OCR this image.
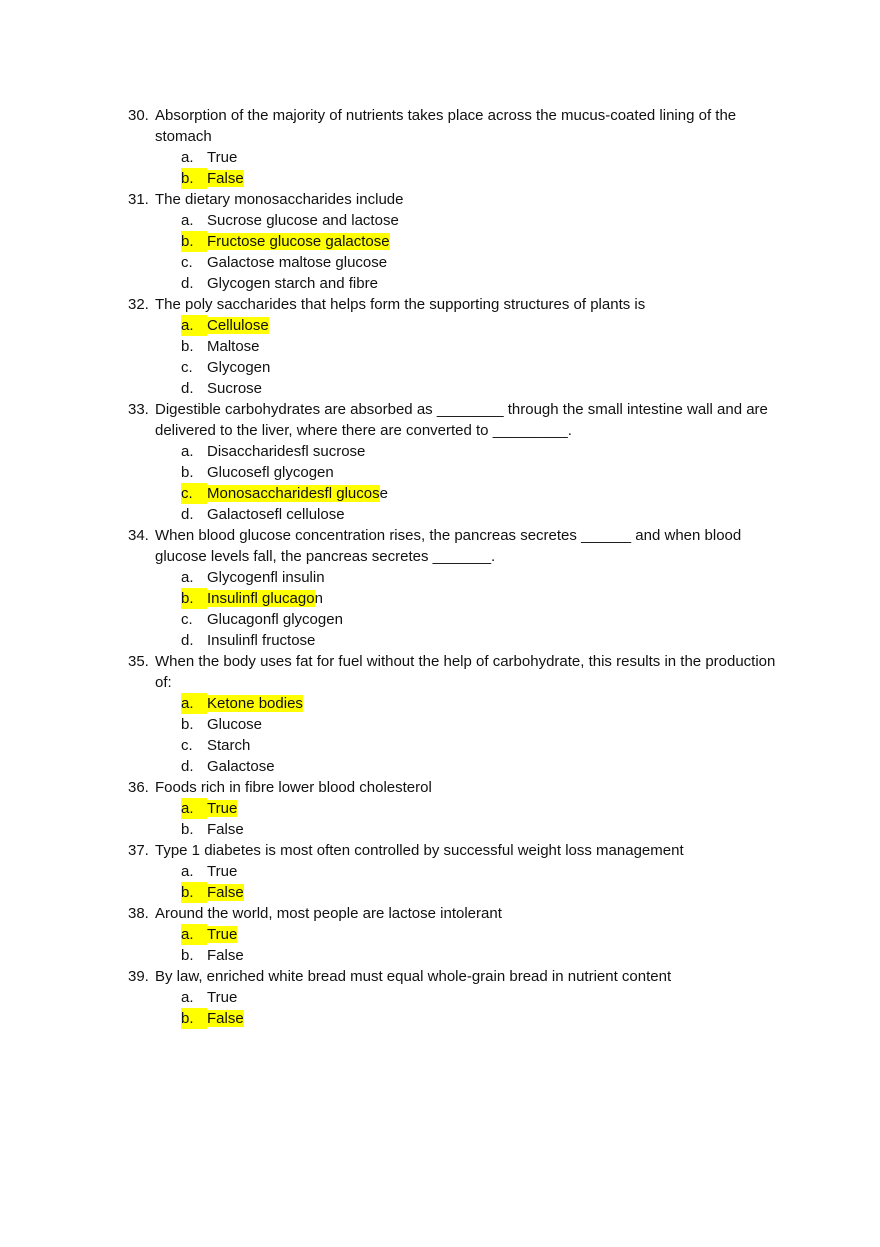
30. Absorption of the majority of nutrients takes place across the mucus-coated lining of the stomach
a. True
b. False
31. The dietary monosaccharides include
a. Sucrose glucose and lactose
b. Fructose glucose galactose
c. Galactose maltose glucose
d. Glycogen starch and fibre
32. The poly saccharides that helps form the supporting structures of plants is
a. Cellulose
b. Maltose
c. Glycogen
d. Sucrose
33. Digestible carbohydrates are absorbed as ________ through the small intestine wall and are delivered to the liver, where there are converted to _________.
a. Disaccharidesfl sucrose
b. Glucosefl glycogen
c. Monosaccharidesfl glucose
d. Galactosefl cellulose
34. When blood glucose concentration rises, the pancreas secretes ______ and when blood glucose levels fall, the pancreas secretes _______.
a. Glycogenfl insulin
b. Insulinfl glucagon
c. Glucagonfl glycogen
d. Insulinfl fructose
35. When the body uses fat for fuel without the help of carbohydrate, this results in the production of:
a. Ketone bodies
b. Glucose
c. Starch
d. Galactose
36. Foods rich in fibre lower blood cholesterol
a. True
b. False
37. Type 1 diabetes is most often controlled by successful weight loss management
a. True
b. False
38. Around the world, most people are lactose intolerant
a. True
b. False
39. By law, enriched white bread must equal whole-grain bread in nutrient content
a. True
b. False
